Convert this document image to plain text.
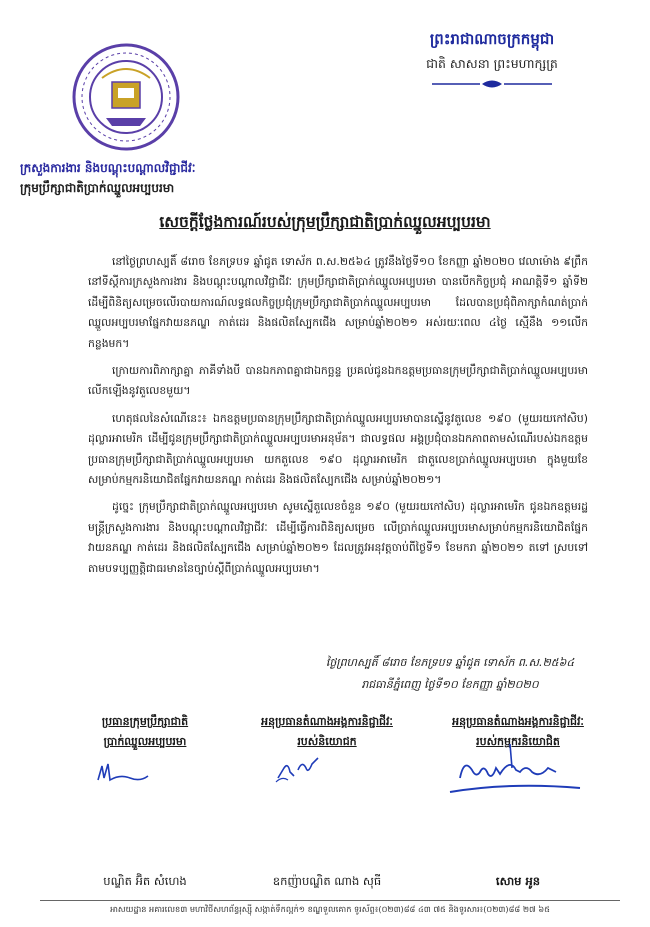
ព្រះរាជាណាចក្រកម្ពុជា
ជាតិ សាសនា ព្រះមហាក្សត្រ
ក្រសួងការងារ និងបណ្តុះបណ្តាលវិជ្ជាជីវៈ
ក្រុមប្រឹក្សាជាតិប្រាក់ឈ្នួលអប្បបរមា
សេចក្តីថ្លែងការណ៍របស់ក្រុមប្រឹក្សាជាតិប្រាក់ឈ្នួលអប្បបរមា

នៅថ្ងៃព្រហស្បតិ៍ ៨រោច ខែភទ្របទ ឆ្នាំជូត ទោស័ក ព.ស.២៥៦៤ ត្រូវនឹងថ្ងៃទី១០ ខែកញ្ញា ឆ្នាំ២០២០ វេលាម៉ោង ៩ព្រឹក នៅទីស្តីការក្រសួងការងារ និងបណ្តុះបណ្តាលវិជ្ជាជីវៈ ក្រុមប្រឹក្សាជាតិប្រាក់ឈ្នួលអប្បបរមា បានបើកកិច្ចប្រជុំ អាណត្តិទី១ ឆ្នាំទី២ ដើម្បីពិនិត្យសម្រេចលើរបាយការណ៍លទ្ធផលកិច្ចប្រជុំក្រុមប្រឹក្សាជាតិប្រាក់ឈ្នួលអប្បបរមា ដែលបានប្រជុំពិភាក្សាកំណត់ប្រាក់ឈ្នួលអប្បបរមាផ្នែកវាយនភណ្ឌ កាត់ដេរ និងផលិតស្បែកជើង សម្រាប់ឆ្នាំ២០២១ អស់រយៈពេល ៤ថ្ងៃ ស្មើនឹង ១១លើក កន្លងមក។

ក្រោយការពិភាក្សាគ្នា ភាគីទាំងបី បានឯកភាពគ្នាជាឯកច្ឆន្ទ ប្រគល់ជូនឯកឧត្តមប្រធានក្រុមប្រឹក្សាជាតិប្រាក់ឈ្នួលអប្បបរមាលើកឡើងនូវតួលេខមួយ។

ហេតុផលនៃសំណើនេះ៖ ឯកឧត្តមប្រធានក្រុមប្រឹក្សាជាតិប្រាក់ឈ្នួលអប្បបរមាបានស្នើនូវតួលេខ ១៩០ (មួយរយកៅសិប) ដុល្លារអាមេរិក ដើម្បីជូនក្រុមប្រឹក្សាជាតិប្រាក់ឈ្នួលអប្បបរមាអនុម័ត។ ជាលទ្ធផល អង្គប្រជុំបានឯកភាពតាមសំណើរបស់ឯកឧត្តមប្រធានក្រុមប្រឹក្សាជាតិប្រាក់ឈ្នួលអប្បបរមា យកតួលេខ ១៩០ ដុល្លារអាមេរិក ជាតួលេខប្រាក់ឈ្នួលអប្បបរមា ក្នុងមួយខែ សម្រាប់កម្មករនិយោជិតផ្នែកវាយនភណ្ឌ កាត់ដេរ និងផលិតស្បែកជើង សម្រាប់ឆ្នាំ២០២១។

ដូច្នេះ ក្រុមប្រឹក្សាជាតិប្រាក់ឈ្នួលអប្បបរមា សូមស្នើតួលេខចំនួន ១៩០ (មួយរយកៅសិប) ដុល្លារអាមេរិក ជូនឯកឧត្តមរដ្ឋមន្ត្រីក្រសួងការងារ និងបណ្តុះបណ្តាលវិជ្ជាជីវៈ ដើម្បីធ្វើការពិនិត្យសម្រេច លើប្រាក់ឈ្នួលអប្បបរមាសម្រាប់កម្មករនិយោជិតផ្នែកវាយនភណ្ឌ កាត់ដេរ និងផលិតស្បែកជើង សម្រាប់ឆ្នាំ២០២១ ដែលត្រូវអនុវត្តចាប់ពីថ្ងៃទី១ ខែមករា ឆ្នាំ២០២១ តទៅ ស្របទៅតាមបទប្បញ្ញត្តិជាធរមាននៃច្បាប់ស្តីពីប្រាក់ឈ្នួលអប្បបរមា។

ថ្ងៃព្រហស្បតិ៍ ៨រោច ខែភទ្របទ ឆ្នាំជូត ទោស័ក ព.ស.២៥៦៤
រាជធានីភ្នំពេញ ថ្ងៃទី១០ ខែកញ្ញា ឆ្នាំ២០២០
ប្រធានក្រុមប្រឹក្សាជាតិ
ប្រាក់ឈ្នួលអប្បបរមា
បណ្ឌិត អ៊ិត សំហេង
អនុប្រធានតំណាងអង្គការនិជ្ជាជីវៈ
របស់និយោជក
ឧកញ៉ាបណ្ឌិត ណាង សុធី
អនុប្រធានតំណាងអង្គការនិជ្ជាជីវៈ
របស់កម្មករនិយោជិត
សោម អូន
អាសយដ្ឋាន អគារលេខ៣ មហាវិថីសហព័ន្ធរុស្ស៊ី សង្កាត់ទឹកល្អក់១ ខណ្ឌទួលគោក ទូរស័ព្ទ៖(០២៣)៨៨ ៤៣ ៧៥ និងទូរសារ៖(០២៣)៨៨ ២៧ ៦៥
